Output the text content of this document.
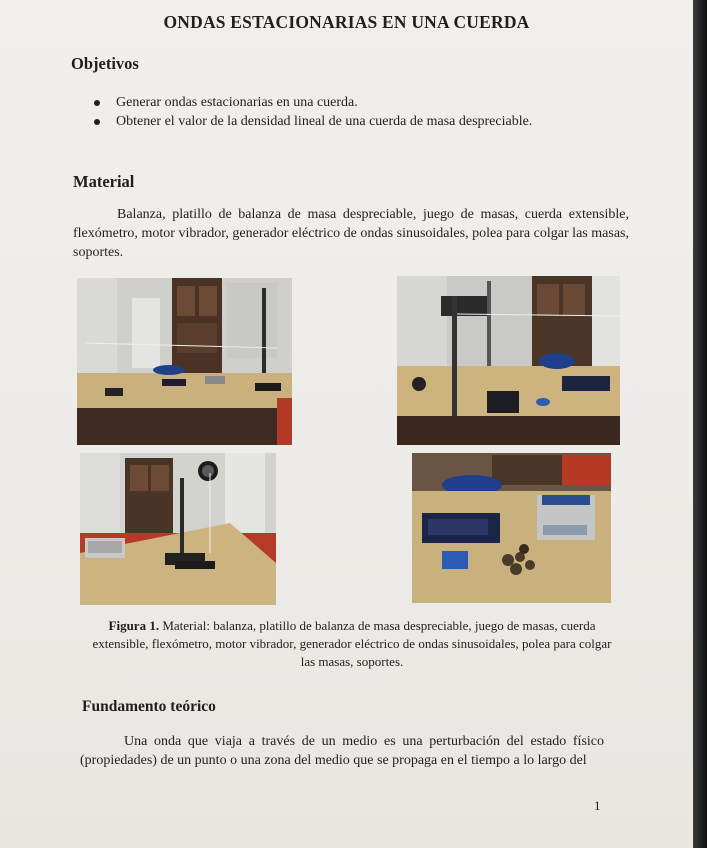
ONDAS ESTACIONARIAS EN UNA CUERDA
Objetivos
Generar ondas estacionarias en una cuerda.
Obtener el valor de la densidad lineal de una cuerda de masa despreciable.
Material
Balanza, platillo de balanza de masa despreciable, juego de masas, cuerda extensible, flexómetro, motor vibrador, generador eléctrico de ondas sinusoidales, polea para colgar las masas, soportes.
Figura 1. Material: balanza, platillo de balanza de masa despreciable, juego de masas, cuerda extensible, flexómetro, motor vibrador, generador eléctrico de ondas sinusoidales, polea para colgar las masas, soportes.
Fundamento teórico
Una onda que viaja a través de un medio es una perturbación del estado físico (propiedades) de un punto o una zona del medio que se propaga en el tiempo a lo largo del
1
